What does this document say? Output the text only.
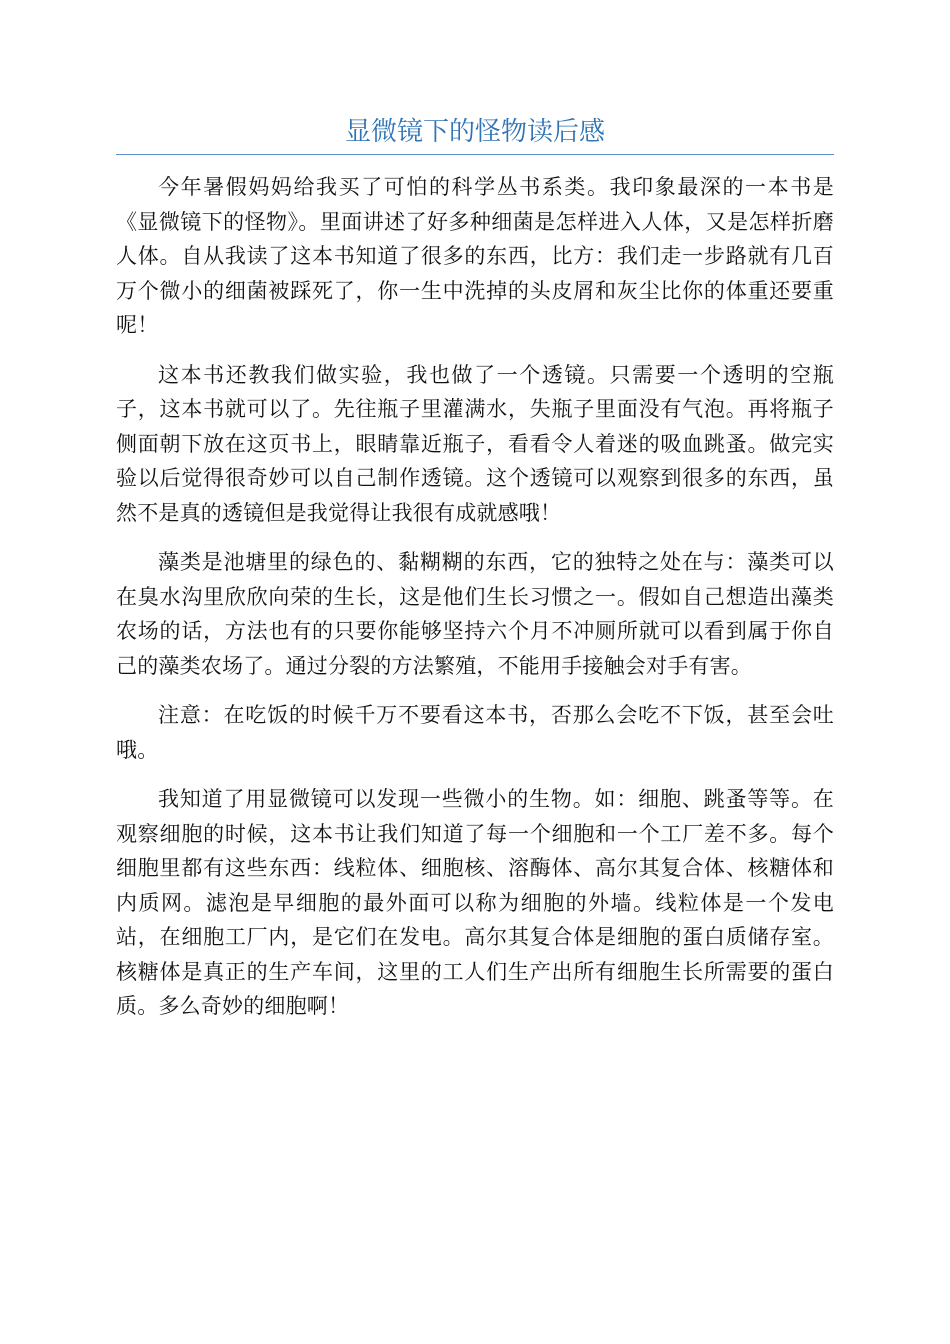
显微镜下的怪物读后感

今年暑假妈妈给我买了可怕的科学丛书系类。我印象最深的一本书是《显微镜下的怪物》。里面讲述了好多种细菌是怎样进入人体，又是怎样折磨人体。自从我读了这本书知道了很多的东西，比方：我们走一步路就有几百万个微小的细菌被踩死了，你一生中洗掉的头皮屑和灰尘比你的体重还要重呢！

这本书还教我们做实验，我也做了一个透镜。只需要一个透明的空瓶子，这本书就可以了。先往瓶子里灌满水，失瓶子里面没有气泡。再将瓶子侧面朝下放在这页书上，眼睛靠近瓶子，看看令人着迷的吸血跳蚤。做完实验以后觉得很奇妙可以自己制作透镜。这个透镜可以观察到很多的东西，虽然不是真的透镜但是我觉得让我很有成就感哦！

藻类是池塘里的绿色的、黏糊糊的东西，它的独特之处在与：藻类可以在臭水沟里欣欣向荣的生长，这是他们生长习惯之一。假如自己想造出藻类农场的话，方法也有的只要你能够坚持六个月不冲厕所就可以看到属于你自己的藻类农场了。通过分裂的方法繁殖，不能用手接触会对手有害。

注意：在吃饭的时候千万不要看这本书，否那么会吃不下饭，甚至会吐哦。

我知道了用显微镜可以发现一些微小的生物。如：细胞、跳蚤等等。在观察细胞的时候，这本书让我们知道了每一个细胞和一个工厂差不多。每个细胞里都有这些东西：线粒体、细胞核、溶酶体、高尔其复合体、核糖体和内质网。滤泡是早细胞的最外面可以称为细胞的外墙。线粒体是一个发电站，在细胞工厂内，是它们在发电。高尔其复合体是细胞的蛋白质储存室。核糖体是真正的生产车间，这里的工人们生产出所有细胞生长所需要的蛋白质。多么奇妙的细胞啊！
